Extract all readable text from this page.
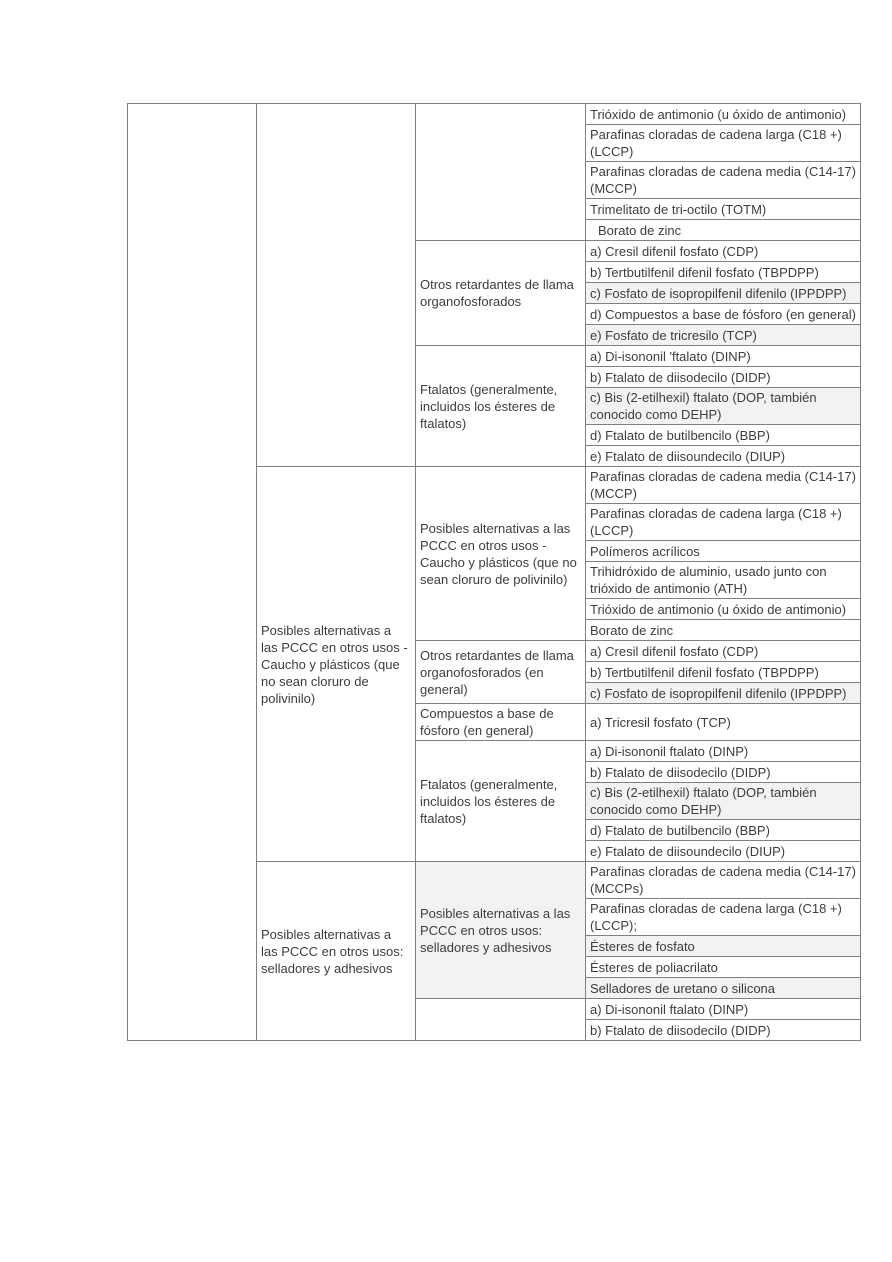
			Trióxido de antimonio (u óxido de antimonio)
			Parafinas cloradas de cadena larga (C18 +) (LCCP)
			Parafinas cloradas de cadena media (C14-17) (MCCP)
			Trimelitato de tri-octilo (TOTM)
			Borato de zinc
		Otros retardantes de llama organofosforados	a) Cresil difenil fosfato (CDP)
			b) Tertbutilfenil difenil fosfato (TBPDPP)
			c) Fosfato de isopropilfenil difenilo (IPPDPP)
			d) Compuestos a base de fósforo (en general)
			e) Fosfato de tricresilo (TCP)
		Ftalatos (generalmente, incluidos los ésteres de ftalatos)	a) Di-isononil 'ftalato (DINP)
			b) Ftalato de diisodecilo (DIDP)
			c) Bis (2-etilhexil) ftalato (DOP, también conocido como DEHP)
			d) Ftalato de butilbencilo (BBP)
			e) Ftalato de diisoundecilo (DIUP)
	Posibles alternativas a las PCCC en otros usos - Caucho y plásticos (que no sean cloruro de polivinilo)	Posibles alternativas a las PCCC en otros usos - Caucho y plásticos (que no sean cloruro de polivinilo)	Parafinas cloradas de cadena media (C14-17) (MCCP)
			Parafinas cloradas de cadena larga (C18 +) (LCCP)
			Polímeros acrílicos
			Trihidróxido de aluminio, usado junto con trióxido de antimonio (ATH)
			Trióxido de antimonio (u óxido de antimonio)
			Borato de zinc
		Otros retardantes de llama organofosforados (en general)	a) Cresil difenil fosfato (CDP)
			b) Tertbutilfenil difenil fosfato (TBPDPP)
			c) Fosfato de isopropilfenil difenilo (IPPDPP)
		Compuestos a base de fósforo (en general)	a) Tricresil fosfato (TCP)
		Ftalatos (generalmente, incluidos los ésteres de ftalatos)	a) Di-isononil ftalato (DINP)
			b) Ftalato de diisodecilo (DIDP)
			c) Bis (2-etilhexil) ftalato (DOP, también conocido como DEHP)
			d) Ftalato de butilbencilo (BBP)
			e) Ftalato de diisoundecilo (DIUP)
	Posibles alternativas a las PCCC en otros usos: selladores y adhesivos	Posibles alternativas a las PCCC en otros usos: selladores y adhesivos	Parafinas cloradas de cadena media (C14-17) (MCCPs)
			Parafinas cloradas de cadena larga (C18 +) (LCCP);
			Ésteres de fosfato
			Ésteres de poliacrilato
			Selladores de uretano o silicona
			a) Di-isononil ftalato (DINP)
			b) Ftalato de diisodecilo (DIDP)
